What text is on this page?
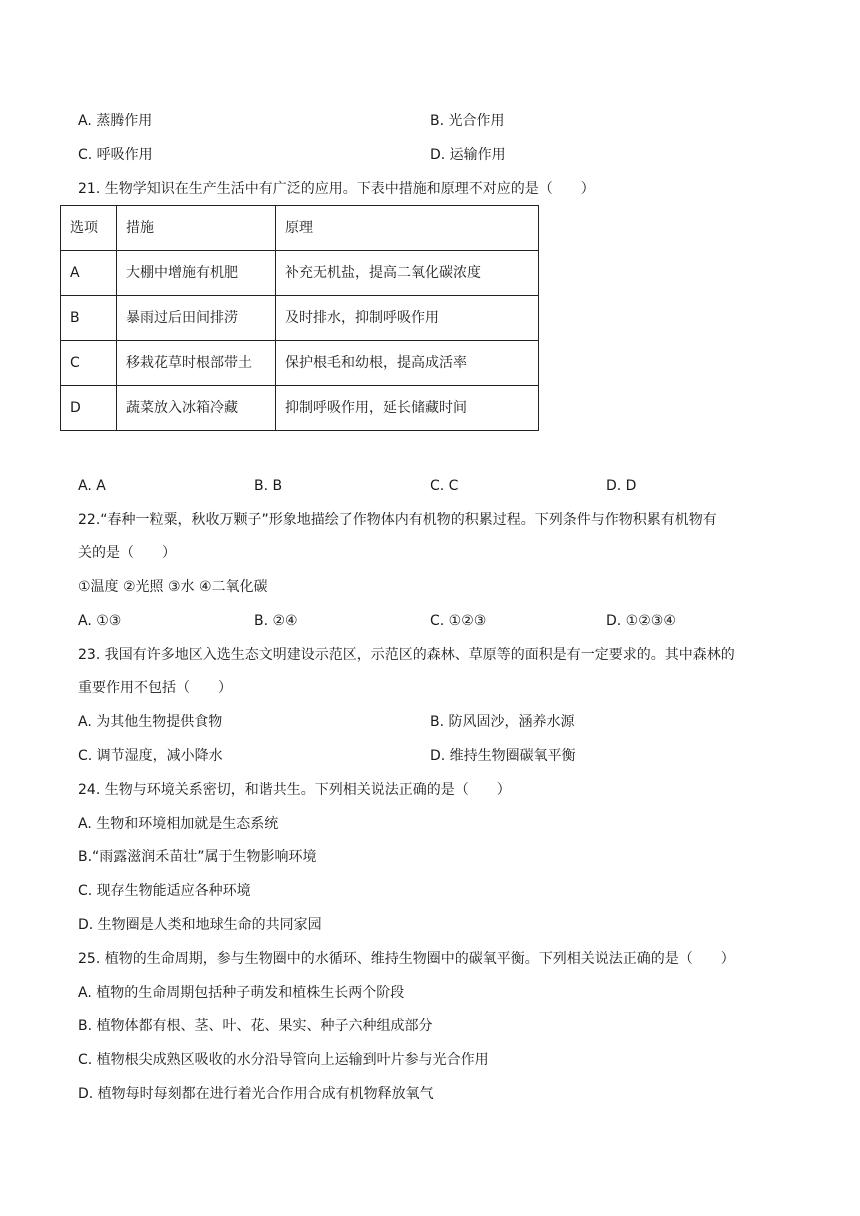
A. 蒸腾作用	B. 光合作用
C. 呼吸作用	D. 运输作用
21. 生物学知识在生产生活中有广泛的应用。下表中措施和原理不对应的是（　　）
选项	措施	原理
A	大棚中增施有机肥	补充无机盐，提高二氧化碳浓度
B	暴雨过后田间排涝	及时排水，抑制呼吸作用
C	移栽花草时根部带土	保护根毛和幼根，提高成活率
D	蔬菜放入冰箱冷藏	抑制呼吸作用，延长储藏时间
A. A	B. B	C. C	D. D
22.“春种一粒粟，秋收万颗子”形象地描绘了作物体内有机物的积累过程。下列条件与作物积累有机物有
关的是（　　）
①温度 ②光照 ③水 ④二氧化碳
A. ①③	B. ②④	C. ①②③	D. ①②③④
23. 我国有许多地区入选生态文明建设示范区，示范区的森林、草原等的面积是有一定要求的。其中森林的
重要作用不包括（　　）
A. 为其他生物提供食物	B. 防风固沙，涵养水源
C. 调节湿度，减小降水	D. 维持生物圈碳氧平衡
24. 生物与环境关系密切，和谐共生。下列相关说法正确的是（　　）
A. 生物和环境相加就是生态系统
B.“雨露滋润禾苗壮”属于生物影响环境
C. 现存生物能适应各种环境
D. 生物圈是人类和地球生命的共同家园
25. 植物的生命周期，参与生物圈中的水循环、维持生物圈中的碳氧平衡。下列相关说法正确的是（　　）
A. 植物的生命周期包括种子萌发和植株生长两个阶段
B. 植物体都有根、茎、叶、花、果实、种子六种组成部分
C. 植物根尖成熟区吸收的水分沿导管向上运输到叶片参与光合作用
D. 植物每时每刻都在进行着光合作用合成有机物释放氧气
